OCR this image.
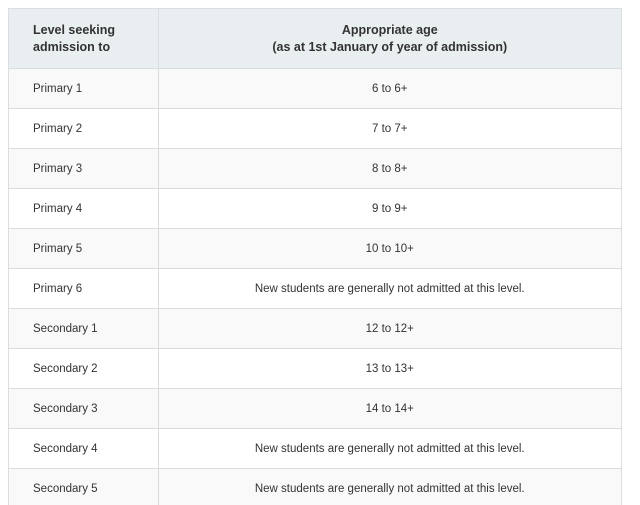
Level seeking
admission to	Appropriate age
(as at 1st January of year of admission)

Primary 1	6 to 6+
Primary 2	7 to 7+
Primary 3	8 to 8+
Primary 4	9 to 9+
Primary 5	10 to 10+
Primary 6	New students are generally not admitted at this level.
Secondary 1	12 to 12+
Secondary 2	13 to 13+
Secondary 3	14 to 14+
Secondary 4	New students are generally not admitted at this level.
Secondary 5	New students are generally not admitted at this level.
